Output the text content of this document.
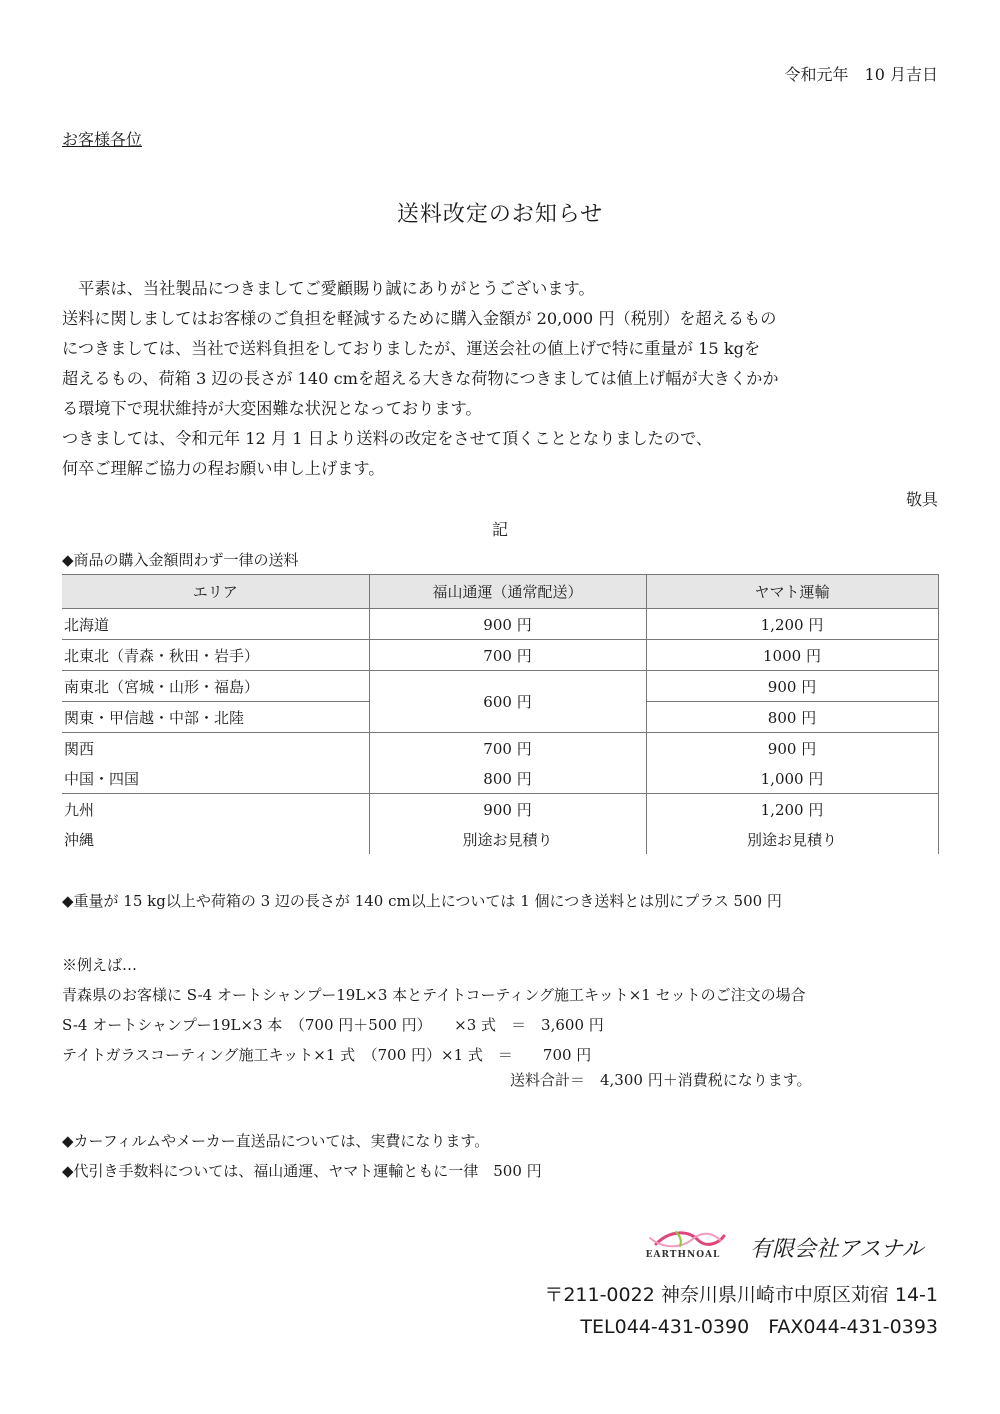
令和元年　10 月吉日
お客様各位
送料改定のお知らせ

　平素は、当社製品につきましてご愛顧賜り誠にありがとうございます。

送料に関しましてはお客様のご負担を軽減するために購入金額が 20,000 円（税別）を超えるもの

につきましては、当社で送料負担をしておりましたが、運送会社の値上げで特に重量が 15 kgを

超えるもの、荷箱 3 辺の長さが 140 cmを超える大きな荷物につきましては値上げ幅が大きくかか

る環境下で現状維持が大変困難な状況となっております。

つきましては、令和元年 12 月 1 日より送料の改定をさせて頂くこととなりましたので、

何卒ご理解ご協力の程お願い申し上げます。

敬具
記
◆商品の購入金額問わず一律の送料
エリア	福山通運（通常配送）	ヤマト運輸
北海道	900 円	1,200 円
北東北（青森・秋田・岩手）	700 円	1000 円
南東北（宮城・山形・福島）	600 円	900 円
関東・甲信越・中部・北陸		800 円
関西	700 円	900 円
中国・四国	800 円	1,000 円
九州	900 円	1,200 円
沖縄	別途お見積り	別途お見積り
◆重量が 15 kg以上や荷箱の 3 辺の長さが 140 cm以上については 1 個につき送料とは別にプラス 500 円

※例えば…

青森県のお客様に S-4 オートシャンプー19L×3 本とテイトコーティング施工キット×1 セットのご注文の場合

S-4 オートシャンプー19L×3 本　（700 円＋500 円）　　×3 式　＝　3,600 円

テイトガラスコーティング施工キット×1 式　（700 円）×1 式　＝　　700 円

送料合計＝　4,300 円＋消費税になります。
◆カーフィルムやメーカー直送品については、実費になります。
◆代引き手数料については、福山通運、ヤマト運輸ともに一律　500 円
EARTHNOAL	有限会社アスナル
〒211-0022 神奈川県川崎市中原区苅宿 14-1
TEL044-431-0390　FAX044-431-0393
